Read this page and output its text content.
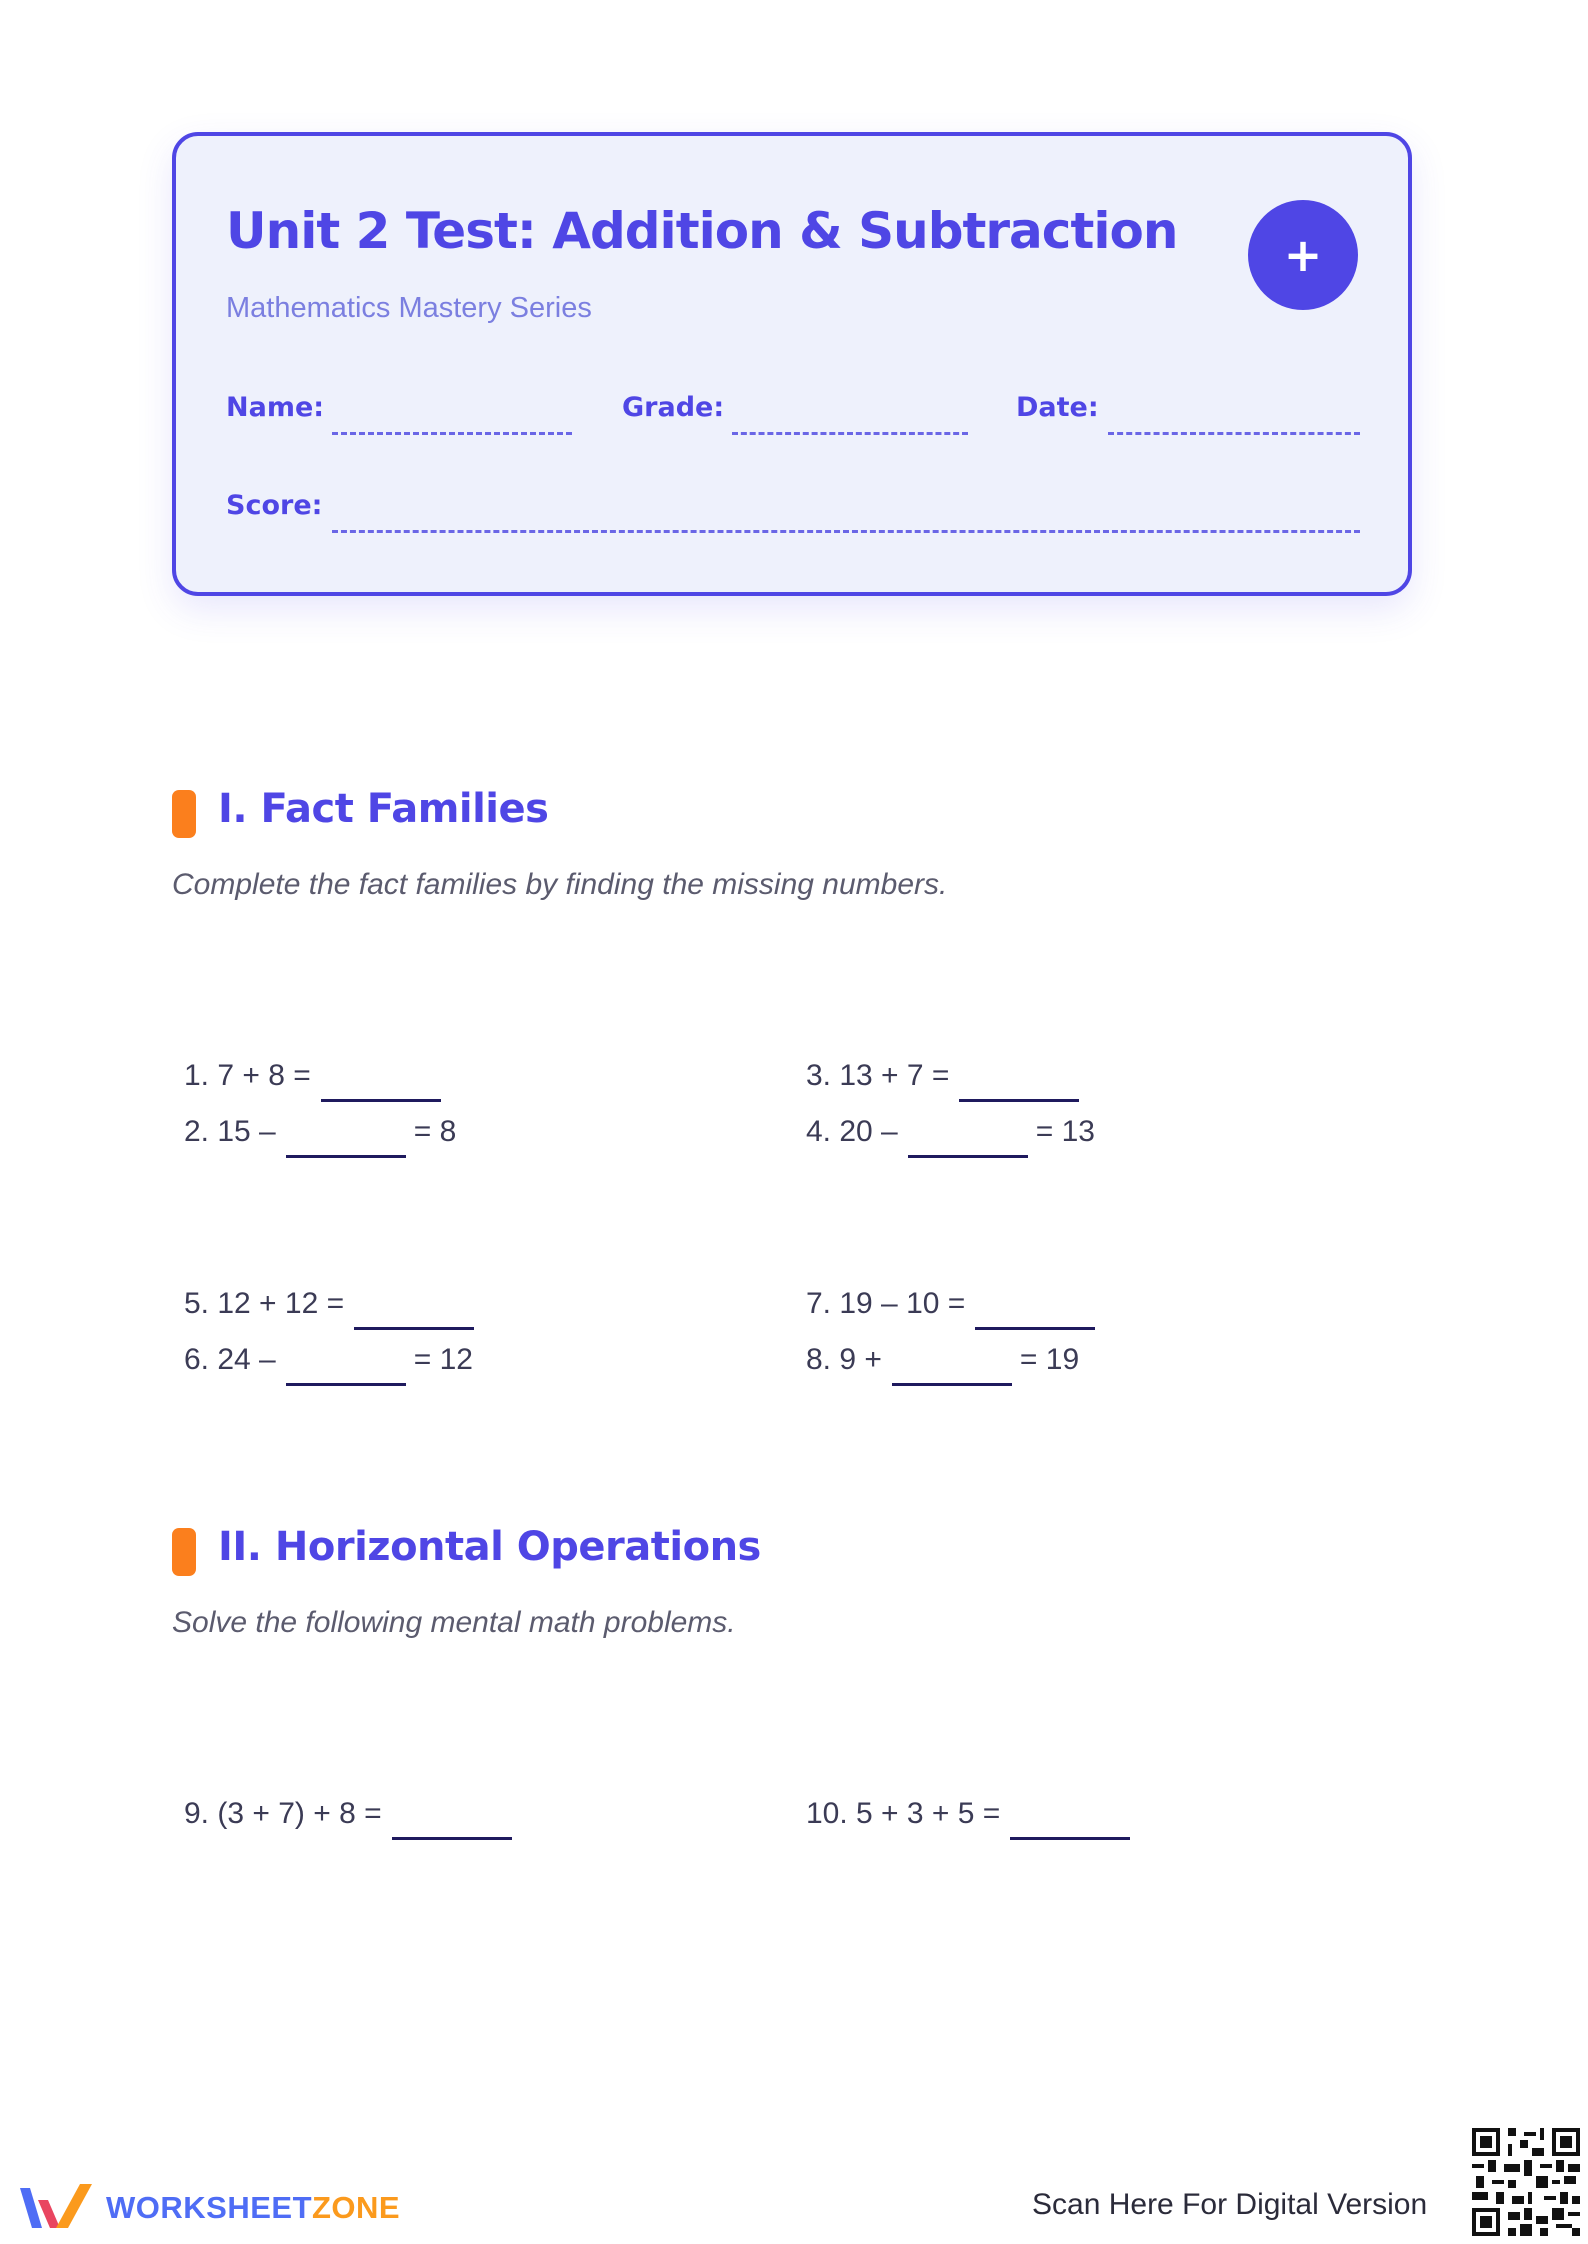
Unit 2 Test: Addition & Subtraction
Mathematics Mastery Series
+
Name:	Grade:	Date:
Score:
I. Fact Families
Complete the fact families by finding the missing numbers.
1. 7 + 8 =
2. 15 –	= 8
3. 13 + 7 =
4. 20 –	= 13
5. 12 + 12 =
6. 24 –	= 12
7. 19 – 10 =
8. 9 +	= 19
II. Horizontal Operations
Solve the following mental math problems.
9. (3 + 7) + 8 =	10. 5 + 3 + 5 =
WORKSHEETZONE	Scan Here For Digital Version
